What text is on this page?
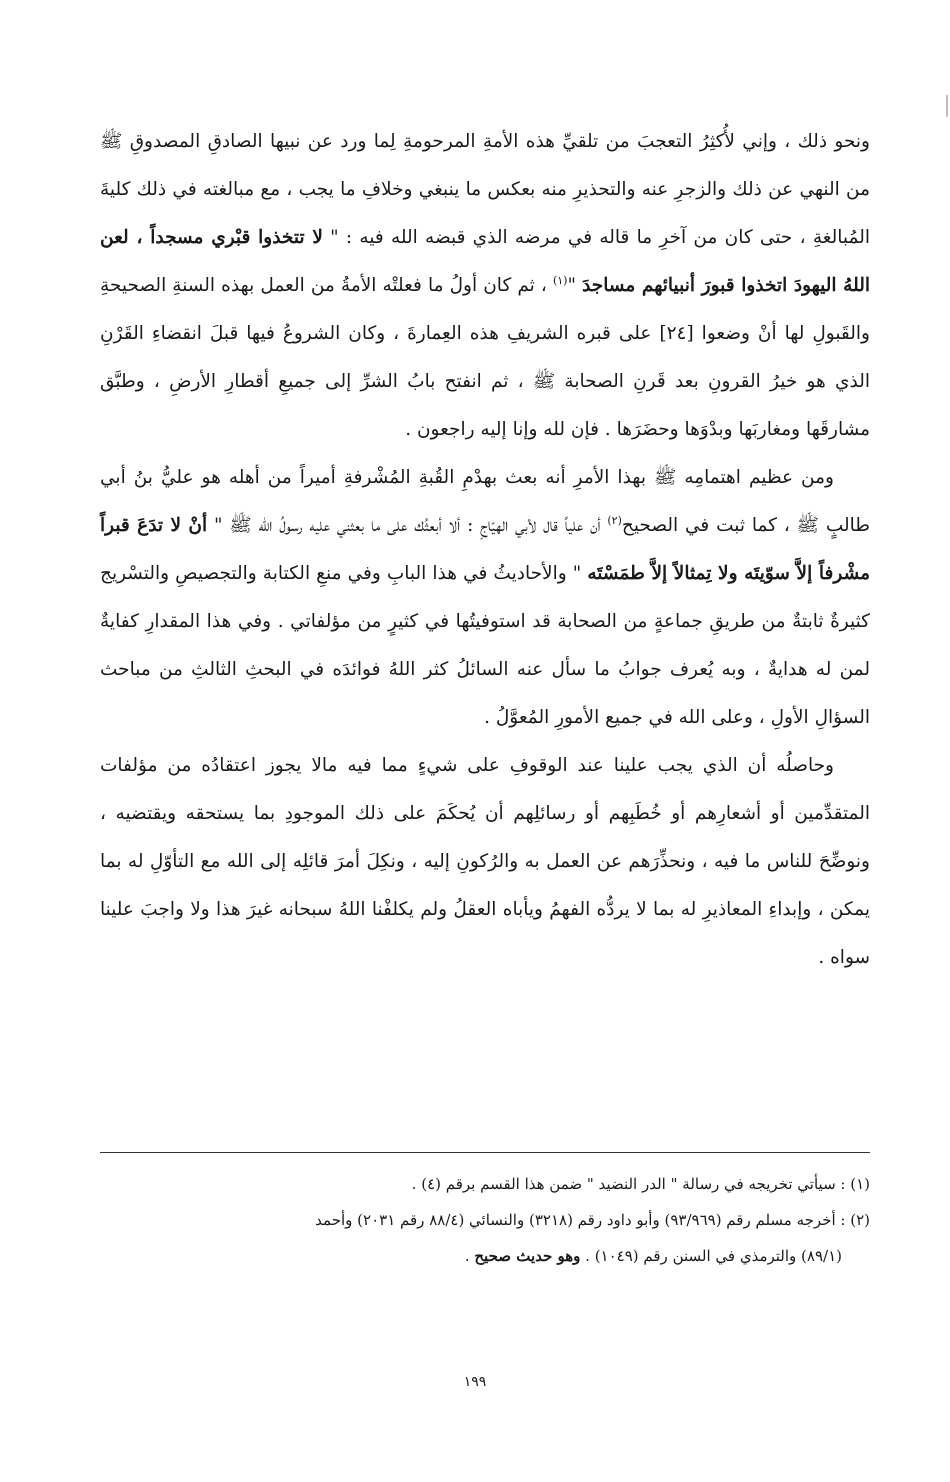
ونحو ذلك ، وإني لأُكثِرُ التعجبَ من تلقيِّ هذه الأمةِ المرحومةِ لِما ورد عن نبيها الصادقِ المصدوقِ ﷺ من النهي عن ذلك والزجرِ عنه والتحذيرِ منه بعكس ما ينبغي وخلافِ ما يجب ، مع مبالغته في ذلك كليةَ المُبالغةِ ، حتى كان من آخرِ ما قاله في مرضه الذي قبضه الله فيه : " لا تتخذوا قبْري مسجداً ، لعن اللهُ اليهودَ اتخذوا قبورَ أنبيائهم مساجدَ "$^{(١)}$ ، ثم كان أولُ ما فعلتْه الأمةُ من العمل بهذه السنةِ الصحيحةِ والقَبولِ لها أنْ وضعوا [٢٤] على قبره الشريفِ هذه العِمارةَ ، وكان الشروعُ فيها قبلَ انقضاءِ القَرْنِ الذي هو خيرُ القرونِ بعد قَرنِ الصحابة ﷺ ، ثم انفتح بابُ الشرِّ إلى جميعِ أقطارِ الأرضِ ، وطبَّق مشارقَها ومغاربَها وبدْوَها وحضَرَها . فإن لله وإنا إليه راجعون .

ومن عظيم اهتمامِه ﷺ بهذا الأمرِ أنه بعث بهدْمِ القُبةِ المُشْرفةِ أميراً من أهله هو عليُّ بنُ أبي طالبٍ ﷺ ، كما ثبت في الصحيح$^{(٢)}$ أن علياً قال لأبي الهيّاجِ : ألا أبعثُك على ما بعثني عليه رسولُ الله ﷺ " أنْ لا تدَعَ قبراً مشْرفاً إلاَّ سوّيتَه ولا تِمثالاً إلاَّ طمَسْتَه " والأحاديثُ في هذا البابِ وفي منعِ الكتابة والتجصيصِ والتسْريج كثيرةٌ ثابتةٌ من طريقِ جماعةٍ من الصحابة قد استوفيتُها في كثيرٍ من مؤلفاتي . وفي هذا المقدارِ كفايةٌ لمن له هدايةٌ ، وبه يُعرف جوابُ ما سأل عنه السائلُ كثر اللهُ فوائدَه في البحثِ الثالثِ من مباحث السؤالِ الأولِ ، وعلى الله في جميع الأمورِ المُعوَّلُ .

وحاصلُه أن الذي يجب علينا عند الوقوفِ على شيءٍ مما فيه مالا يجوز اعتقادُه من مؤلفات المتقدِّمين أو أشعارِهم أو خُطَبِهم أو رسائلِهم أن يُحكَمَ على ذلك الموجودِ بما يستحقه ويقتضيه ، ونوضِّحَ للناس ما فيه ، ونحذِّرَهم عن العمل به والرُكونِ إليه ، ونكِلَ أمرَ قائلِه إلى الله مع التأوّلِ له بما يمكن ، وإبداءِ المعاذيرِ له بما لا يردُّه الفهمُ ويأباه العقلُ ولم يكلفْنا اللهُ سبحانه غيرَ هذا ولا واجبَ علينا سواه .

(١) : سيأتي تخريجه في رسالة " الدر النضيد " ضمن هذا القسم برقم (٤) .

(٢) : أخرجه مسلم رقم (٩٣/٩٦٩) وأبو داود رقم (٣٢١٨) والنسائي (٨٨/٤ رقم ٢٠٣١) وأحمد

(٨٩/١) والترمذي في السنن رقم (١٠٤٩) . وهو حديث صحيح .

١٩٩
